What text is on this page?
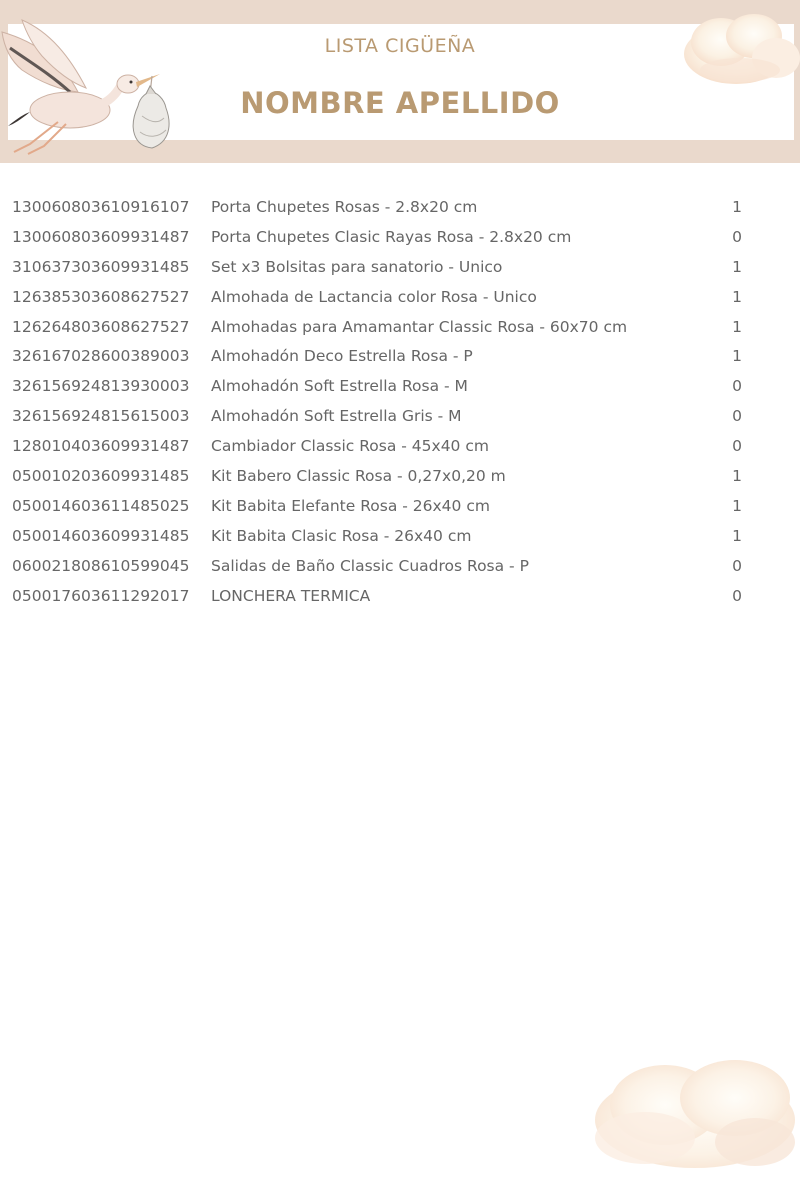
LISTA CIGÜEÑA
NOMBRE APELLIDO
130060803610916107 Porta Chupetes Rosas - 2.8x20 cm	1
130060803609931487 Porta Chupetes Clasic Rayas Rosa - 2.8x20 cm	0
310637303609931485 Set x3 Bolsitas para sanatorio - Unico	1
126385303608627527 Almohada de Lactancia color Rosa - Unico	1
126264803608627527 Almohadas para Amamantar Classic Rosa - 60x70 cm	1
326167028600389003 Almohadón Deco Estrella Rosa - P	1
326156924813930003 Almohadón Soft Estrella Rosa - M	0
326156924815615003 Almohadón Soft Estrella Gris - M	0
128010403609931487 Cambiador Classic Rosa - 45x40 cm	0
050010203609931485 Kit Babero Classic Rosa - 0,27x0,20 m	1
050014603611485025 Kit Babita Elefante Rosa - 26x40 cm	1
050014603609931485 Kit Babita Clasic Rosa - 26x40 cm	1
060021808610599045 Salidas de Baño Classic Cuadros Rosa - P	0
050017603611292017 LONCHERA TERMICA	0
